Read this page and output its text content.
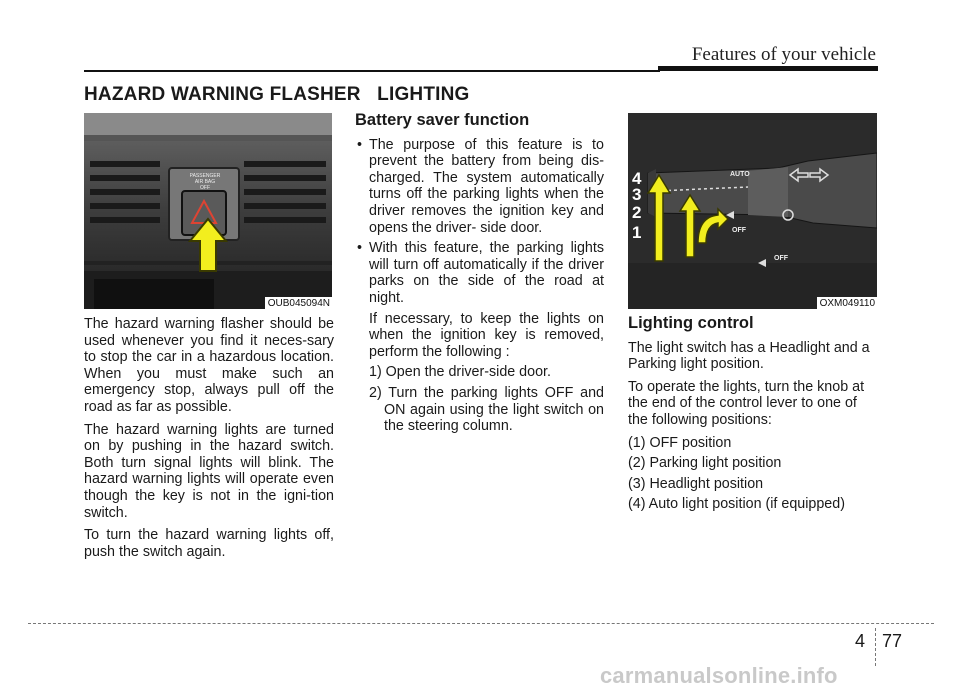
Features of your vehicle
HAZARD WARNING FLASHER   LIGHTING
PASSENGER
AIR BAG
OFF
OUB045094N

The hazard warning flasher should be used whenever you find it neces-sary to stop the car in a hazardous location. When you must make such an emergency stop, always pull off the road as far as possible.

The hazard warning lights are turned on by pushing in the hazard switch. Both turn signal lights will blink. The hazard warning lights will operate even though the key is not in the igni-tion switch.

To turn the hazard warning lights off, push the switch again.

Battery saver function
• The purpose of this feature is to prevent the battery from being dis-charged. The system automatically turns off the parking lights when the driver removes the ignition key and opens the driver- side door.
• With this feature, the parking lights will turn off automatically if the driver parks on the side of the road at night.
If necessary, to keep the lights on when the ignition key is removed, perform the following :
1) Open the driver-side door.
2) Turn the parking lights OFF and ON again using the light switch on the steering column.
4
3
2
1
AUTO
OFF
OFF
OXM049110
Lighting control

The light switch has a Headlight and a Parking light position.

To operate the lights, turn the knob at the end of the control lever to one of the following positions:

(1) OFF position
(2) Parking light position
(3) Headlight position
(4) Auto light position (if equipped)
4 77
carmanualsonline.info
